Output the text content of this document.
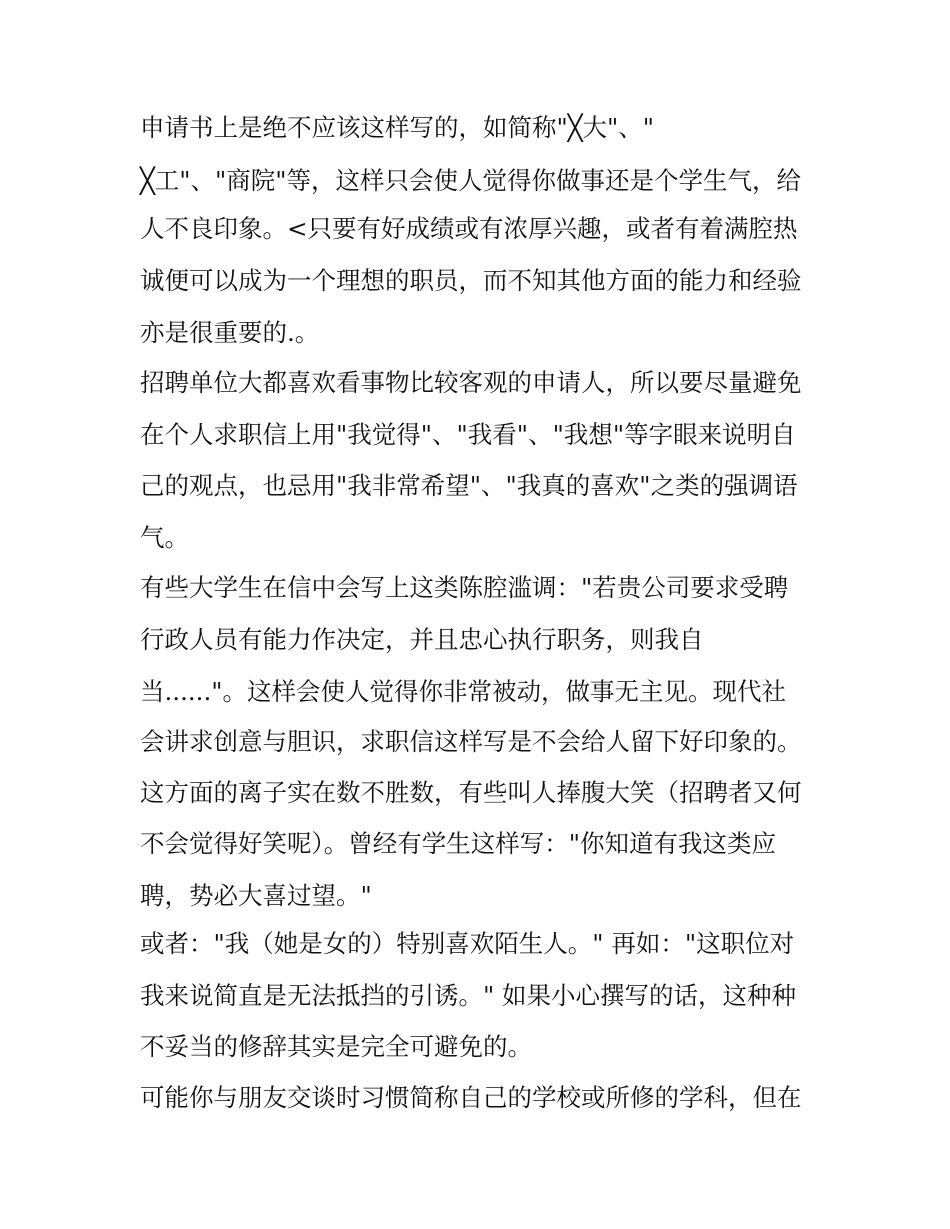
申请书上是绝不应该这样写的，如简称"╳大"、"
╳工"、"商院"等，这样只会使人觉得你做事还是个学生气，给
人不良印象。<只要有好成绩或有浓厚兴趣，或者有着满腔热
诚便可以成为一个理想的职员，而不知其他方面的能力和经验
亦是很重要的.。
招聘单位大都喜欢看事物比较客观的申请人，所以要尽量避免
在个人求职信上用"我觉得"、"我看"、"我想"等字眼来说明自
己的观点，也忌用"我非常希望"、"我真的喜欢"之类的强调语
气。
有些大学生在信中会写上这类陈腔滥调："若贵公司要求受聘
行政人员有能力作决定，并且忠心执行职务，则我自
当......"。这样会使人觉得你非常被动，做事无主见。现代社
会讲求创意与胆识，求职信这样写是不会给人留下好印象的。
这方面的离子实在数不胜数，有些叫人捧腹大笑（招聘者又何
不会觉得好笑呢）。曾经有学生这样写："你知道有我这类应
聘，势必大喜过望。"
或者："我（她是女的）特别喜欢陌生人。" 再如："这职位对
我来说简直是无法抵挡的引诱。" 如果小心撰写的话，这种种
不妥当的修辞其实是完全可避免的。
可能你与朋友交谈时习惯简称自己的学校或所修的学科，但在
